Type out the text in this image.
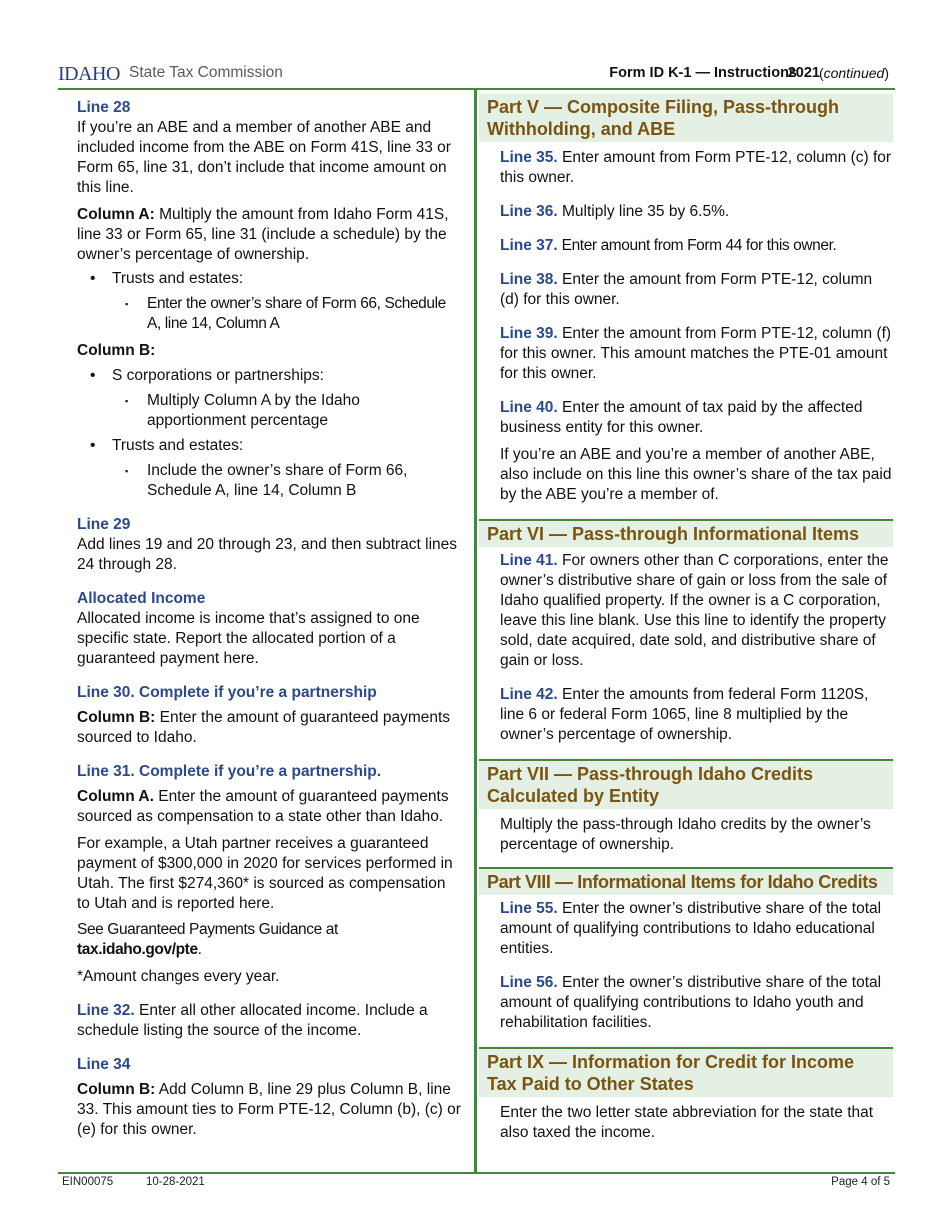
IDAHO State Tax Commission	Form ID K-1 — Instructions
2021
(continued)

Line 28

If you’re an ABE and a member of another ABE and included income from the ABE on Form 41S, line 33 or Form 65, line 31, don’t include that income amount on this line.

Column A: Multiply the amount from Idaho Form 41S, line 33 or Form 65, line 31 (include a schedule) by the owner’s percentage of ownership.

• Trusts and estates:

▪ Enter the owner’s share of Form 66, Schedule A, line 14, Column A

Column B:

• S corporations or partnerships:

▪ Multiply Column A by the Idaho apportionment percentage

• Trusts and estates:

▪ Include the owner’s share of Form 66, Schedule A, line 14, Column B

Line 29

Add lines 19 and 20 through 23, and then subtract lines 24 through 28.

Allocated Income

Allocated income is income that’s assigned to one specific state. Report the allocated portion of a guaranteed payment here.

Line 30. Complete if you’re a partnership

Column B: Enter the amount of guaranteed payments sourced to Idaho.

Line 31. Complete if you’re a partnership.

Column A. Enter the amount of guaranteed payments sourced as compensation to a state other than Idaho.

For example, a Utah partner receives a guaranteed payment of $300,000 in 2020 for services performed in Utah. The first $274,360* is sourced as compensation to Utah and is reported here.

See Guaranteed Payments Guidance at
tax.idaho.gov/pte.

*Amount changes every year.

Line 32. Enter all other allocated income. Include a schedule listing the source of the income.

Line 34

Column B: Add Column B, line 29 plus Column B, line 33. This amount ties to Form PTE-12, Column (b), (c) or (e) for this owner.

Part V — Composite Filing, Pass-through Withholding, and ABE

Line 35. Enter amount from Form PTE-12, column (c) for this owner.

Line 36. Multiply line 35 by 6.5%.

Line 37. Enter amount from Form 44 for this owner.

Line 38. Enter the amount from Form PTE-12, column (d) for this owner.

Line 39. Enter the amount from Form PTE-12, column (f) for this owner. This amount matches the PTE-01 amount for this owner.

Line 40. Enter the amount of tax paid by the affected business entity for this owner.

If you’re an ABE and you’re a member of another ABE, also include on this line this owner’s share of the tax paid by the ABE you’re a member of.

Part VI — Pass-through Informational Items

Line 41. For owners other than C corporations, enter the owner’s distributive share of gain or loss from the sale of Idaho qualified property. If the owner is a C corporation, leave this line blank. Use this line to identify the property sold, date acquired, date sold, and distributive share of gain or loss.

Line 42. Enter the amounts from federal Form 1120S, line 6 or federal Form 1065, line 8 multiplied by the owner’s percentage of ownership.

Part VII — Pass-through Idaho Credits Calculated by Entity

Multiply the pass-through Idaho credits by the owner’s percentage of ownership.

Part VIII — Informational Items for Idaho Credits

Line 55. Enter the owner’s distributive share of the total amount of qualifying contributions to Idaho educational entities.

Line 56. Enter the owner’s distributive share of the total amount of qualifying contributions to Idaho youth and rehabilitation facilities.

Part IX — Information for Credit for Income Tax Paid to Other States

Enter the two letter state abbreviation for the state that also taxed the income.

EIN00075	10-28-2021	Page 4 of 5
